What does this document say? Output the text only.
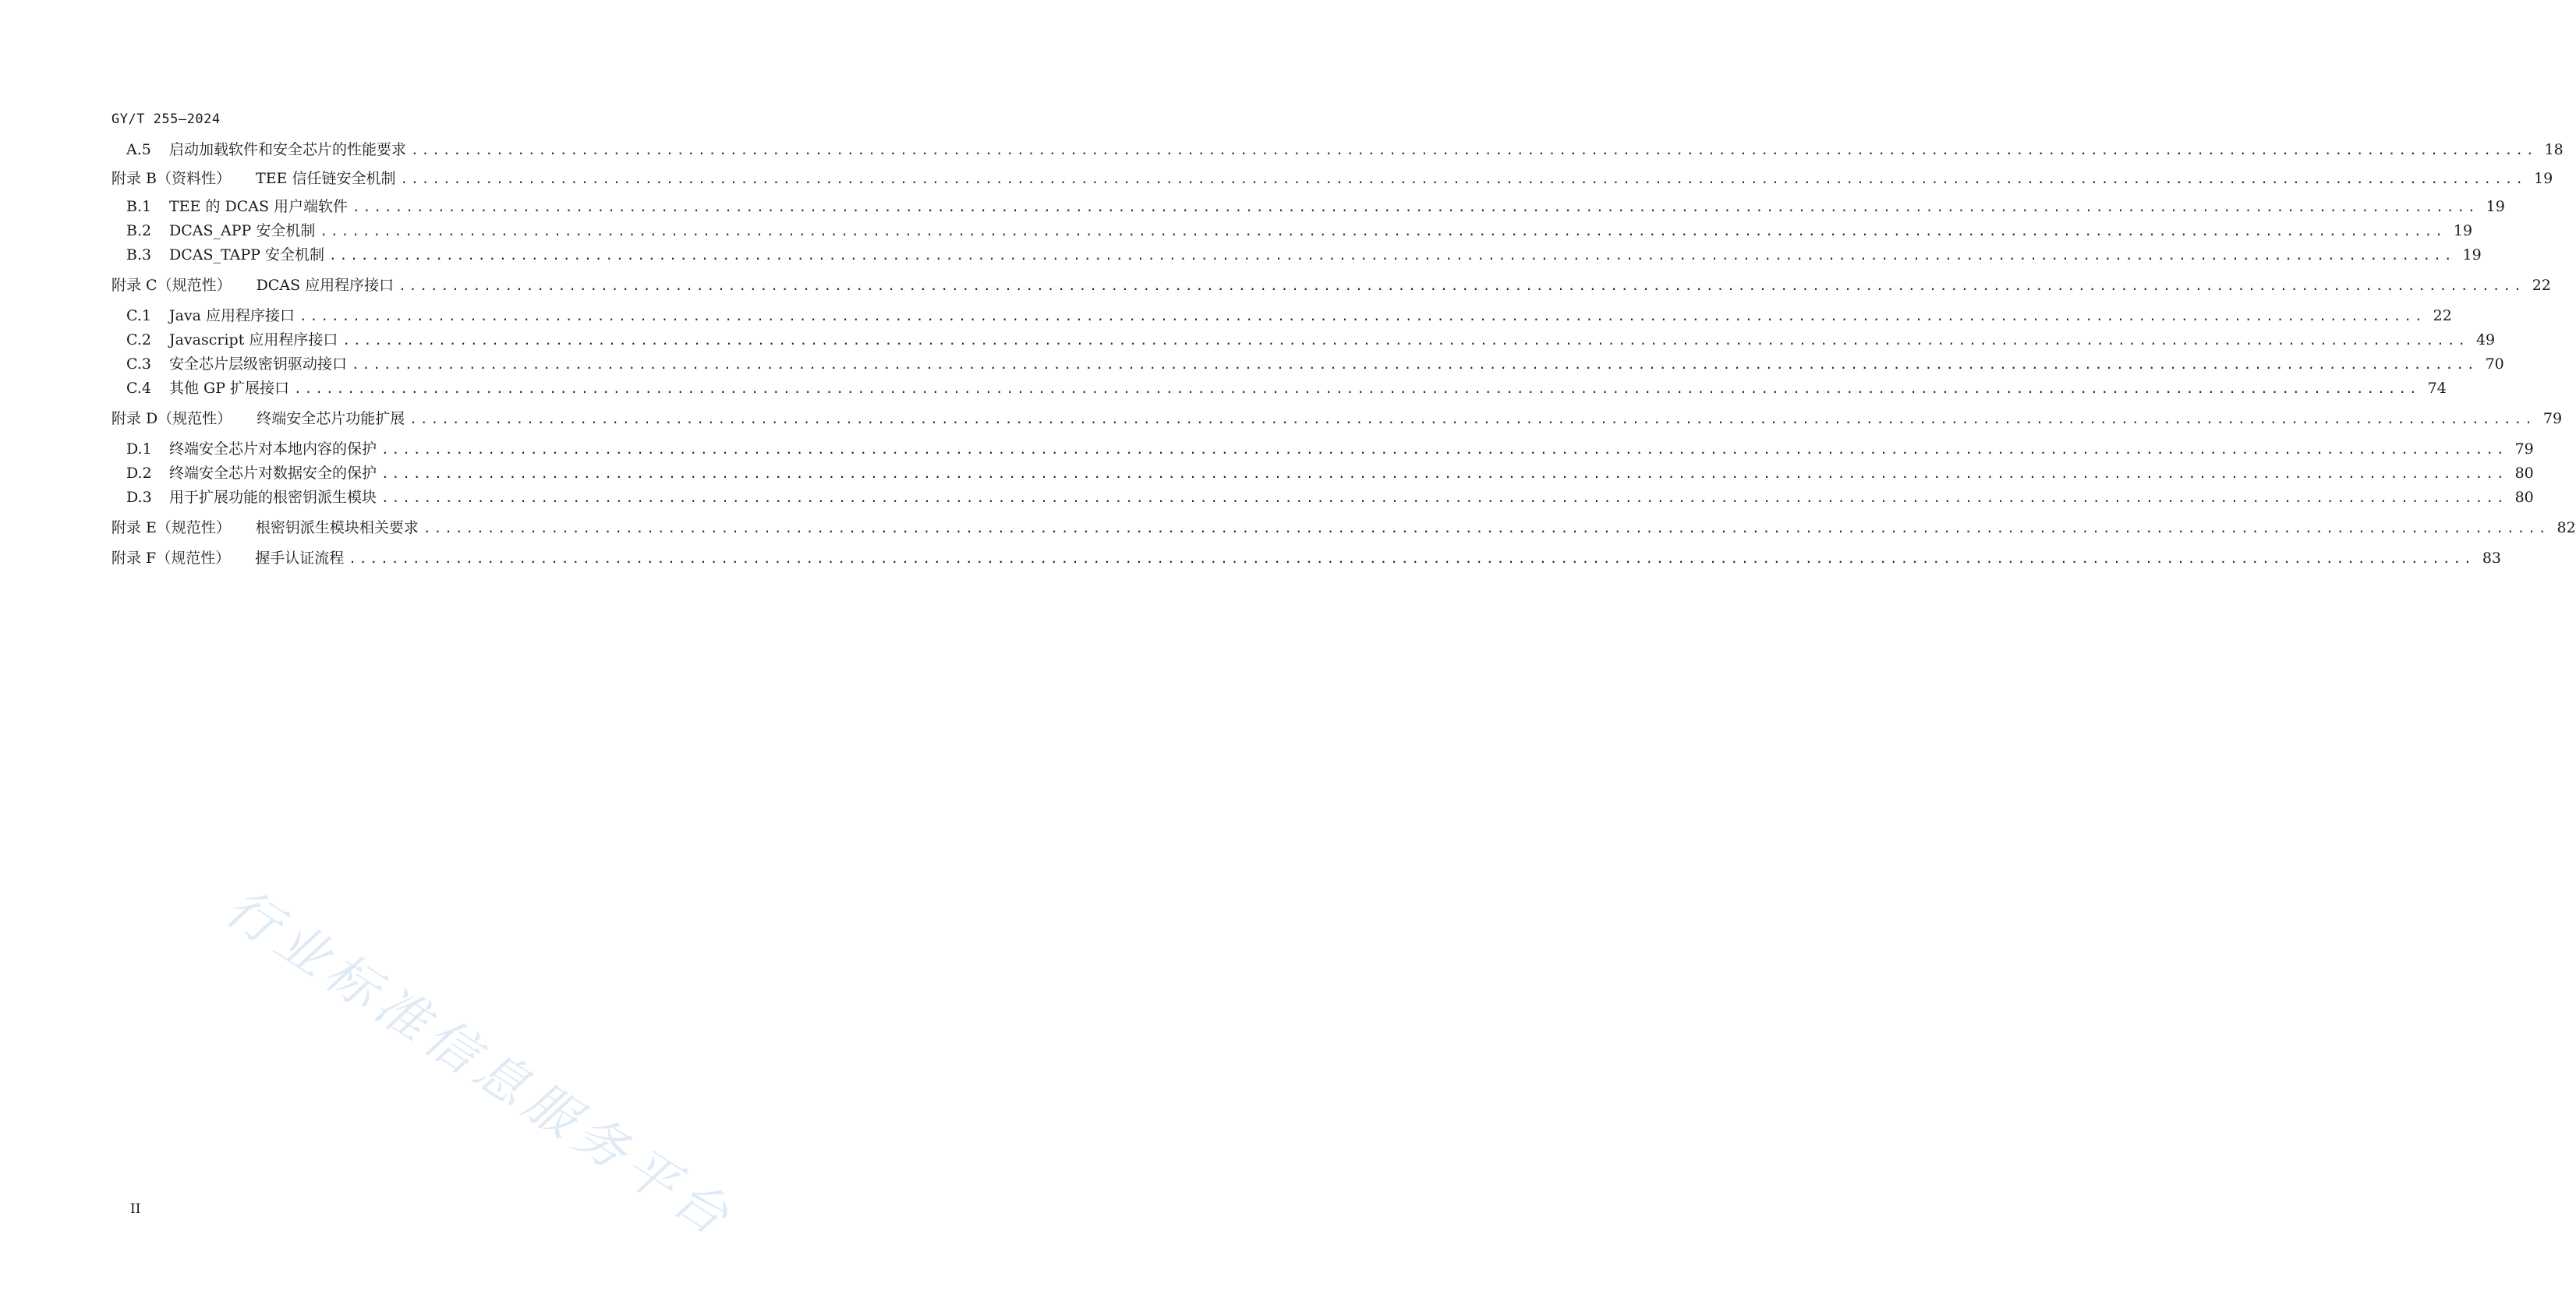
GY/T 255—2024
A.5	启动加载软件和安全芯片的性能要求 ........................................................................................................................................................................................................ 18
附录 B（资料性） TEE 信任链安全机制 ........................................................................................................................................................................................................ 19
B.1	TEE 的 DCAS 用户端软件 ........................................................................................................................................................................................................ 19
B.2	DCAS_APP 安全机制 ........................................................................................................................................................................................................ 19
B.3	DCAS_TAPP 安全机制 ........................................................................................................................................................................................................ 19
附录 C（规范性） DCAS 应用程序接口 ........................................................................................................................................................................................................ 22
C.1	Java 应用程序接口 ........................................................................................................................................................................................................ 22
C.2	Javascript 应用程序接口 ........................................................................................................................................................................................................ 49
C.3	安全芯片层级密钥驱动接口 ........................................................................................................................................................................................................ 70
C.4	其他 GP 扩展接口 ........................................................................................................................................................................................................ 74
附录 D（规范性） 终端安全芯片功能扩展 ........................................................................................................................................................................................................ 79
D.1	终端安全芯片对本地内容的保护 ........................................................................................................................................................................................................ 79
D.2	终端安全芯片对数据安全的保护 ........................................................................................................................................................................................................ 80
D.3	用于扩展功能的根密钥派生模块 ........................................................................................................................................................................................................ 80
附录 E（规范性） 根密钥派生模块相关要求 ........................................................................................................................................................................................................ 82
附录 F（规范性） 握手认证流程 ........................................................................................................................................................................................................ 83
行业标准信息服务平台
II
